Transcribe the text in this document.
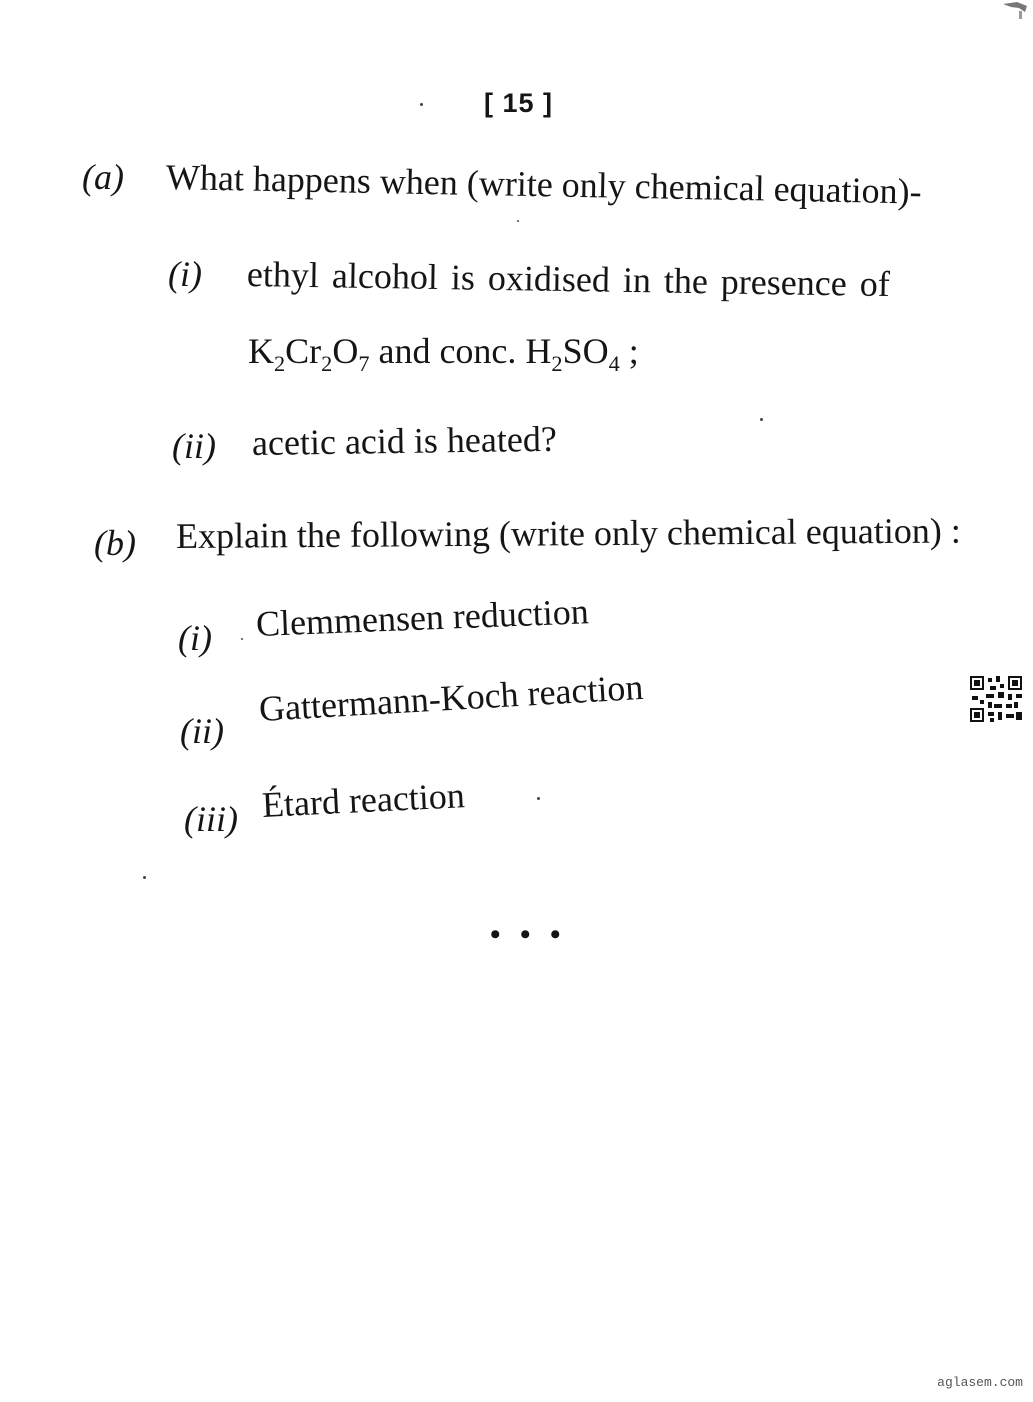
[ 15 ]
(a) What happens when (write only chemical equation)-
(i) ethyl alcohol is oxidised in the presence of
$K_2Cr_2O_7$ and conc. $H_2SO_4$ ;
(ii) acetic acid is heated?
(b) Explain the following (write only chemical equation) :
(i) Clemmensen reduction
(ii)
Gattermann-Koch reaction
(iii) Étard reaction
• • •
aglasem.com
